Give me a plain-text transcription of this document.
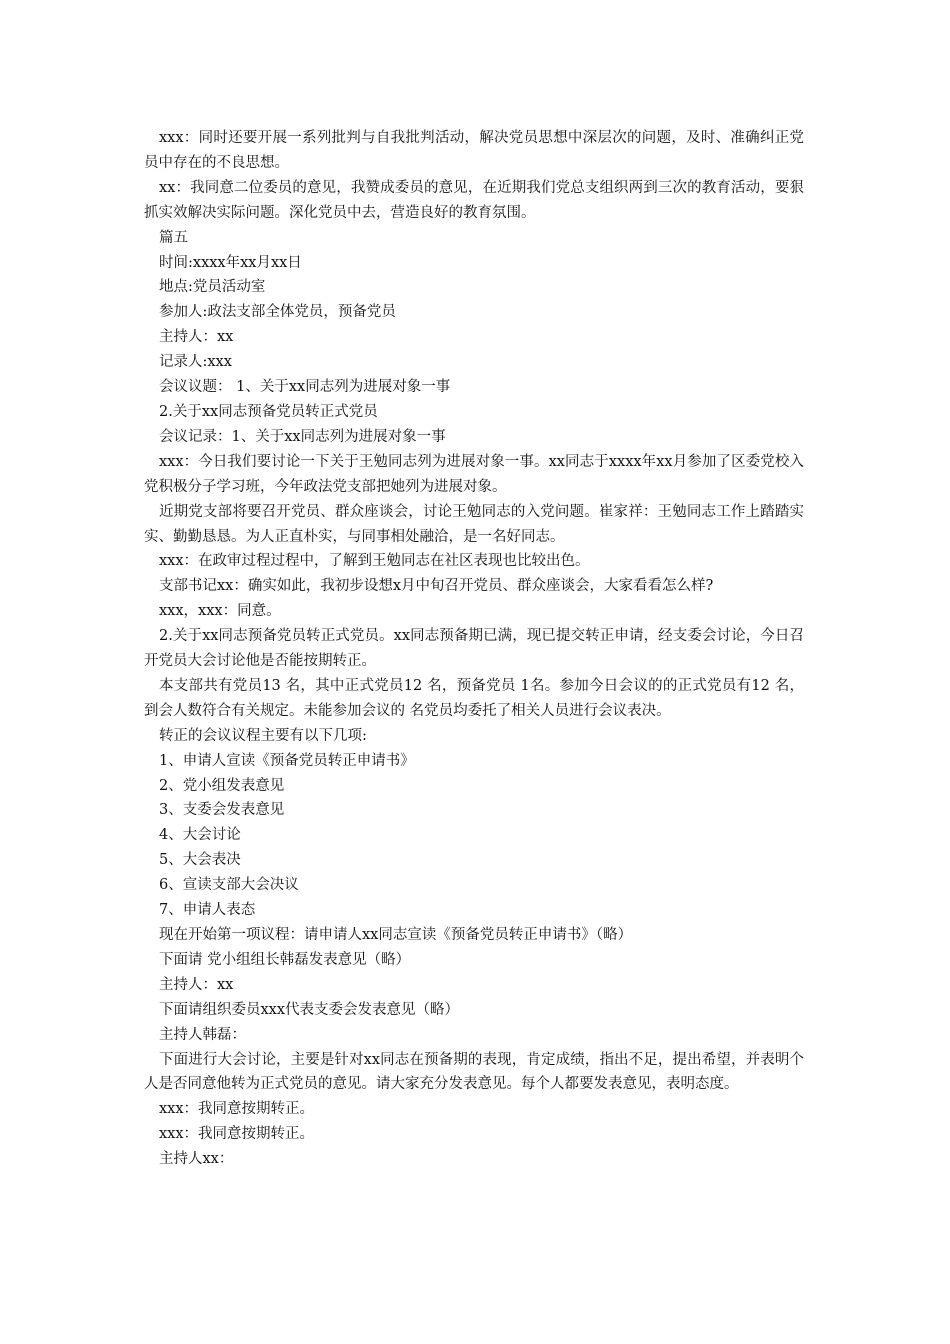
xxx：同时还要开展一系列批判与自我批判活动，解决党员思想中深层次的问题，及时、准确纠正党员中存在的不良思想。

xx：我同意二位委员的意见，我赞成委员的意见，在近期我们党总支组织两到三次的教育活动，要狠抓实效解决实际问题。深化党员中去，营造良好的教育氛围。

篇五

时间:xxxx年xx月xx日

地点:党员活动室

参加人:政法支部全体党员，预备党员

主持人：xx

记录人:xxx

会议议题： 1、关于xx同志列为进展对象一事

2.关于xx同志预备党员转正式党员

会议记录：1、关于xx同志列为进展对象一事

xxx：今日我们要讨论一下关于王勉同志列为进展对象一事。xx同志于xxxx年xx月参加了区委党校入党积极分子学习班，今年政法党支部把她列为进展对象。

近期党支部将要召开党员、群众座谈会，讨论王勉同志的入党问题。崔家祥：王勉同志工作上踏踏实实、勤勤恳恳。为人正直朴实，与同事相处融洽，是一名好同志。

xxx：在政审过程过程中，了解到王勉同志在社区表现也比较出色。

支部书记xx：确实如此，我初步设想x月中旬召开党员、群众座谈会，大家看看怎么样?

xxx，xxx：同意。

2.关于xx同志预备党员转正式党员。xx同志预备期已满，现已提交转正申请，经支委会讨论，今日召开党员大会讨论他是否能按期转正。

本支部共有党员13 名，其中正式党员12 名，预备党员 1名。参加今日会议的的正式党员有12 名，到会人数符合有关规定。未能参加会议的 名党员均委托了相关人员进行会议表决。

转正的会议议程主要有以下几项:

1、申请人宣读《预备党员转正申请书》

2、党小组发表意见

3、支委会发表意见

4、大会讨论

5、大会表决

6、宣读支部大会决议

7、申请人表态

现在开始第一项议程：请申请人xx同志宣读《预备党员转正申请书》（略）

下面请 党小组组长韩磊发表意见（略）

主持人：xx

下面请组织委员xxx代表支委会发表意见（略）

主持人韩磊：

下面进行大会讨论，主要是针对xx同志在预备期的表现，肯定成绩，指出不足，提出希望，并表明个人是否同意他转为正式党员的意见。请大家充分发表意见。每个人都要发表意见，表明态度。

xxx：我同意按期转正。

xxx：我同意按期转正。

主持人xx：
